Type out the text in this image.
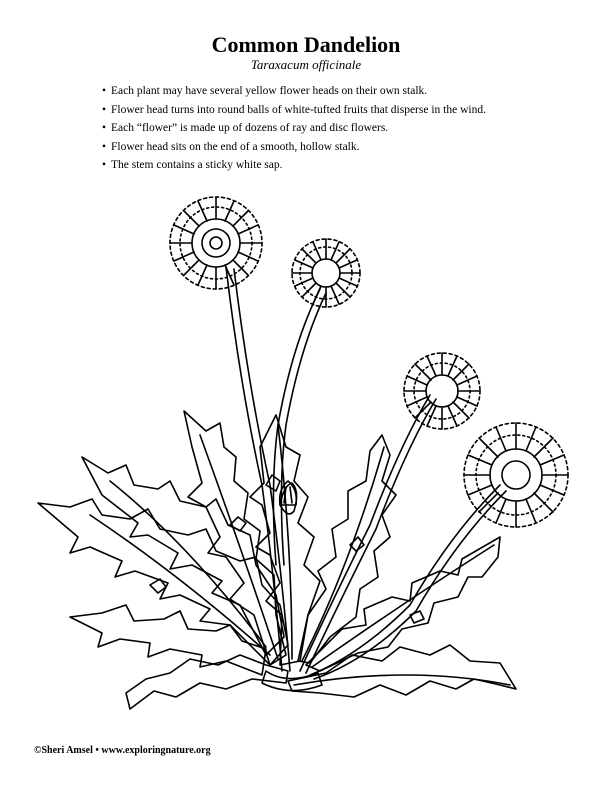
Common Dandelion
Taraxacum officinale
• Each plant may have several yellow flower heads on their own stalk.
• Flower head turns into round balls of white-tufted fruits that disperse in the wind.
• Each “flower” is made up of dozens of ray and disc flowers.
• Flower head sits on the end of a smooth, hollow stalk.
• The stem contains a sticky white sap.
©Sheri Amsel • www.exploringnature.org
